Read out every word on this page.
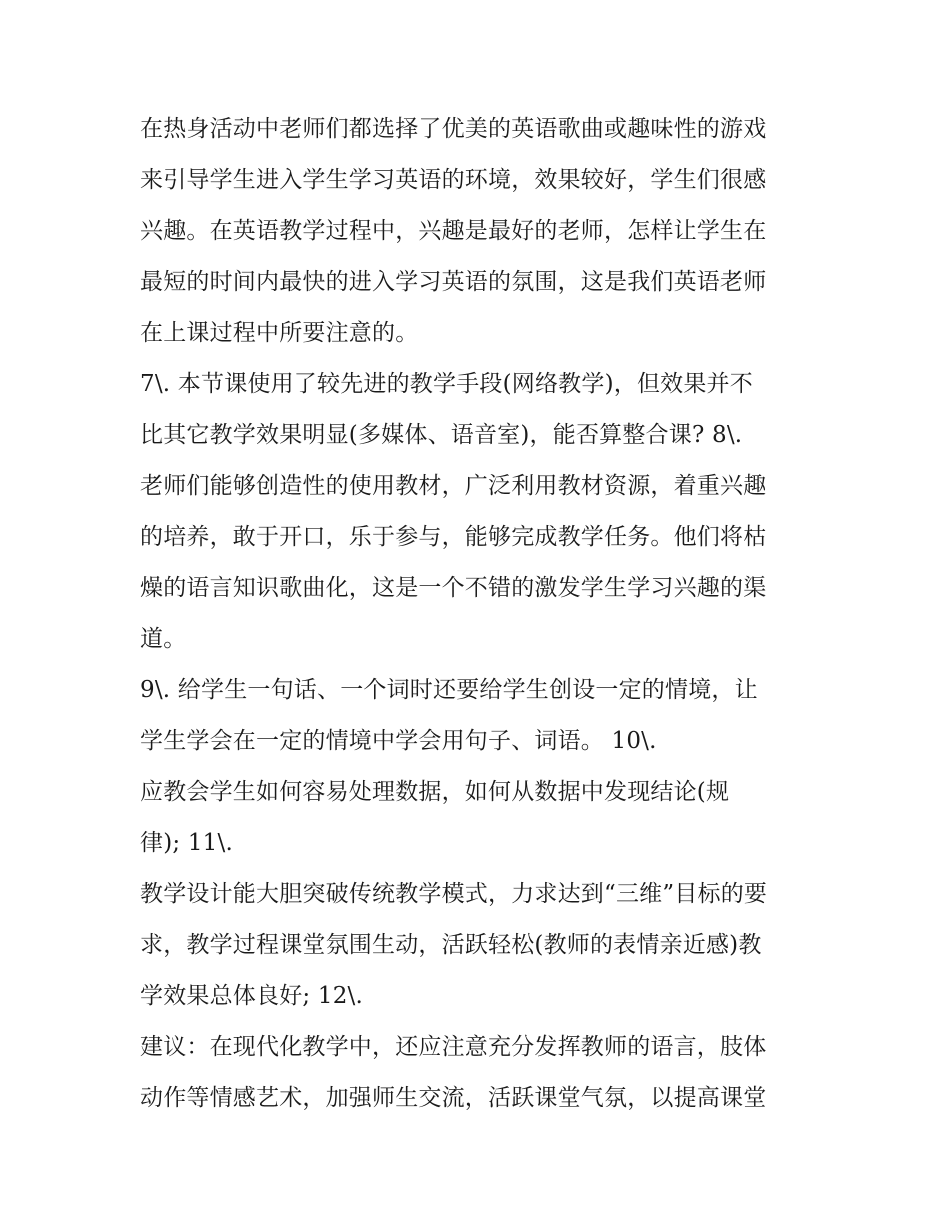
在热身活动中老师们都选择了优美的英语歌曲或趣味性的游戏
来引导学生进入学生学习英语的环境，效果较好，学生们很感
兴趣。在英语教学过程中，兴趣是最好的老师，怎样让学生在
最短的时间内最快的进入学习英语的氛围，这是我们英语老师
在上课过程中所要注意的。
7\. 本节课使用了较先进的教学手段(网络教学)，但效果并不
比其它教学效果明显(多媒体、语音室)，能否算整合课? 8\.
老师们能够创造性的使用教材，广泛利用教材资源，着重兴趣
的培养，敢于开口，乐于参与，能够完成教学任务。他们将枯
燥的语言知识歌曲化，这是一个不错的激发学生学习兴趣的渠
道。
9\. 给学生一句话、一个词时还要给学生创设一定的情境，让
学生学会在一定的情境中学会用句子、词语。 10\.
应教会学生如何容易处理数据，如何从数据中发现结论(规
律); 11\.
教学设计能大胆突破传统教学模式，力求达到“三维”目标的要
求，教学过程课堂氛围生动，活跃轻松(教师的表情亲近感)教
学效果总体良好; 12\.
建议：在现代化教学中，还应注意充分发挥教师的语言，肢体
动作等情感艺术，加强师生交流，活跃课堂气氛，以提高课堂
